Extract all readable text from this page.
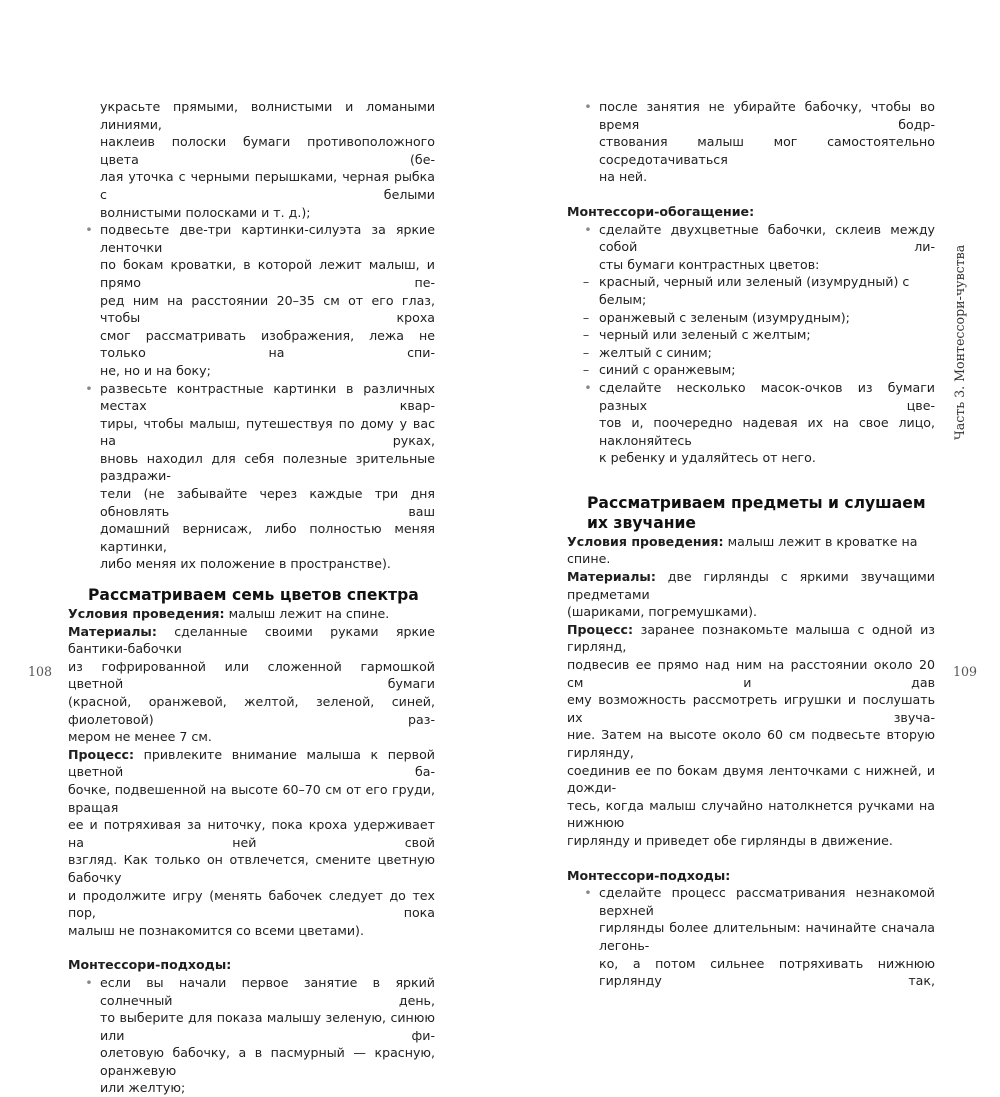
украсьте прямыми, волнистыми и ломаными линиями,
наклеив полоски бумаги противоположного цвета (бе-
лая уточка с черными перышками, черная рыбка с белыми
волнистыми полосками и т. д.);
• подвесьте две-три картинки-силуэта за яркие ленточки
по бокам кроватки, в которой лежит малыш, и прямо пе-
ред ним на расстоянии 20–35 см от его глаз, чтобы кроха
смог рассматривать изображения, лежа не только на спи-
не, но и на боку;
• развесьте контрастные картинки в различных местах квар-
тиры, чтобы малыш, путешествуя по дому у вас на руках,
вновь находил для себя полезные зрительные раздражи-
тели (не забывайте через каждые три дня обновлять ваш
домашний вернисаж, либо полностью меняя картинки,
либо меняя их положение в пространстве).
Рассматриваем семь цветов спектра

Условия проведения: малыш лежит на спине.

Материалы: сделанные своими руками яркие бантики-бабочки
из гофрированной или сложенной гармошкой цветной бумаги
(красной, оранжевой, желтой, зеленой, синей, фиолетовой) раз-
мером не менее 7 см.
Процесс: привлеките внимание малыша к первой цветной ба-
бочке, подвешенной на высоте 60–70 см от его груди, вращая
ее и потряхивая за ниточку, пока кроха удерживает на ней свой
взгляд. Как только он отвлечется, смените цветную бабочку
и продолжите игру (менять бабочек следует до тех пор, пока
малыш не познакомится со всеми цветами).
Монтессори-подходы:
• если вы начали первое занятие в яркий солнечный день,
то выберите для показа малышу зеленую, синюю или фи-
олетовую бабочку, а в пасмурный — красную, оранжевую
или желтую;
108
• после занятия не убирайте бабочку, чтобы во время бодр-
ствования малыш мог самостоятельно сосредотачиваться
на ней.
Монтессори-обогащение:
• сделайте двухцветные бабочки, склеив между собой ли-
сты бумаги контрастных цветов:
– красный, черный или зеленый (изумрудный) с белым;
– оранжевый с зеленым (изумрудным);
– черный или зеленый с желтым;
– желтый с синим;
– синий с оранжевым;
• сделайте несколько масок-очков из бумаги разных цве-
тов и, поочередно надевая их на свое лицо, наклоняйтесь
к ребенку и удаляйтесь от него.
Рассматриваем предметы и слушаем
их звучание

Условия проведения: малыш лежит в кроватке на спине.

Материалы: две гирлянды с яркими звучащими предметами
(шариками, погремушками).
Процесс: заранее познакомьте малыша с одной из гирлянд,
подвесив ее прямо над ним на расстоянии около 20 см и дав
ему возможность рассмотреть игрушки и послушать их звуча-
ние. Затем на высоте около 60 см подвесьте вторую гирлянду,
соединив ее по бокам двумя ленточками с нижней, и дожди-
тесь, когда малыш случайно натолкнется ручками на нижнюю
гирлянду и приведет обе гирлянды в движение.
Монтессори-подходы:
• сделайте процесс рассматривания незнакомой верхней
гирлянды более длительным: начинайте сначала легонь-
ко, а потом сильнее потряхивать нижнюю гирлянду так,
109
Часть 3. Монтессори-чувства
